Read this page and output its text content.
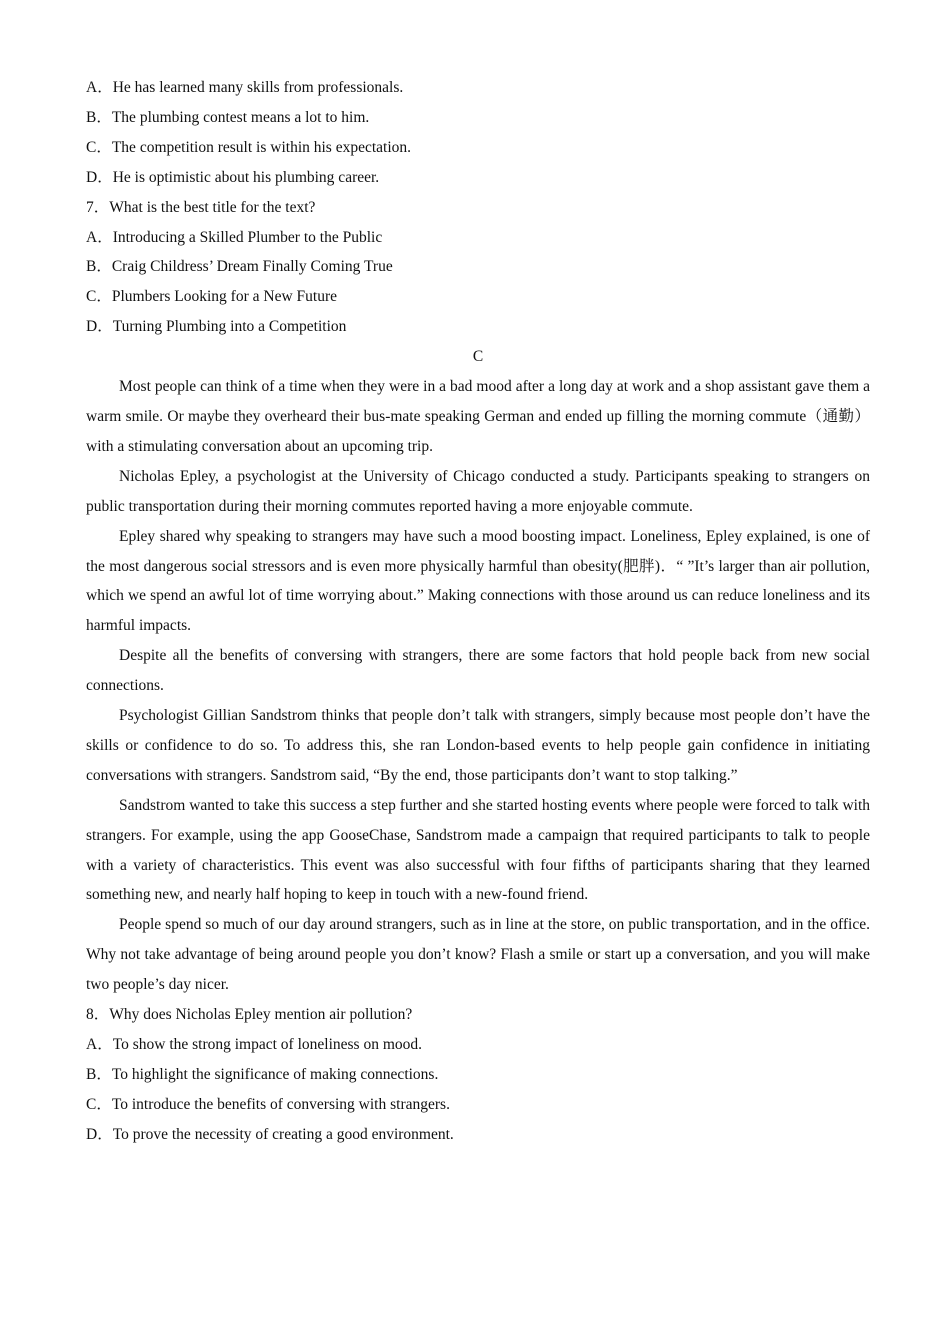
A．He has learned many skills from professionals.

B．The plumbing contest means a lot to him.

C．The competition result is within his expectation.

D．He is optimistic about his plumbing career.

7．What is the best title for the text?

A．Introducing a Skilled Plumber to the Public

B．Craig Childress’ Dream Finally Coming True

C．Plumbers Looking for a New Future

D．Turning Plumbing into a Competition

C

Most people can think of a time when they were in a bad mood after a long day at work and a shop assistant gave them a warm smile. Or maybe they overheard their bus-mate speaking German and ended up filling the morning commute（通勤）with a stimulating conversation about an upcoming trip.

Nicholas Epley, a psychologist at the University of Chicago conducted a study. Participants speaking to strangers on public transportation during their morning commutes reported having a more enjoyable commute.

Epley shared why speaking to strangers may have such a mood boosting impact. Loneliness, Epley explained, is one of the most dangerous social stressors and is even more physically harmful than obesity(肥胖)．“ ”It’s larger than air pollution, which we spend an awful lot of time worrying about.” Making connections with those around us can reduce loneliness and its harmful impacts.

Despite all the benefits of conversing with strangers, there are some factors that hold people back from new social connections.

Psychologist Gillian Sandstrom thinks that people don’t talk with strangers, simply because most people don’t have the skills or confidence to do so. To address this, she ran London-based events to help people gain confidence in initiating conversations with strangers. Sandstrom said, “By the end, those participants don’t want to stop talking.”

Sandstrom wanted to take this success a step further and she started hosting events where people were forced to talk with strangers. For example, using the app GooseChase, Sandstrom made a campaign that required participants to talk to people with a variety of characteristics. This event was also successful with four fifths of participants sharing that they learned something new, and nearly half hoping to keep in touch with a new-found friend.

People spend so much of our day around strangers, such as in line at the store, on public transportation, and in the office. Why not take advantage of being around people you don’t know? Flash a smile or start up a conversation, and you will make two people’s day nicer.

8．Why does Nicholas Epley mention air pollution?

A．To show the strong impact of loneliness on mood.

B．To highlight the significance of making connections.

C．To introduce the benefits of conversing with strangers.

D．To prove the necessity of creating a good environment.
